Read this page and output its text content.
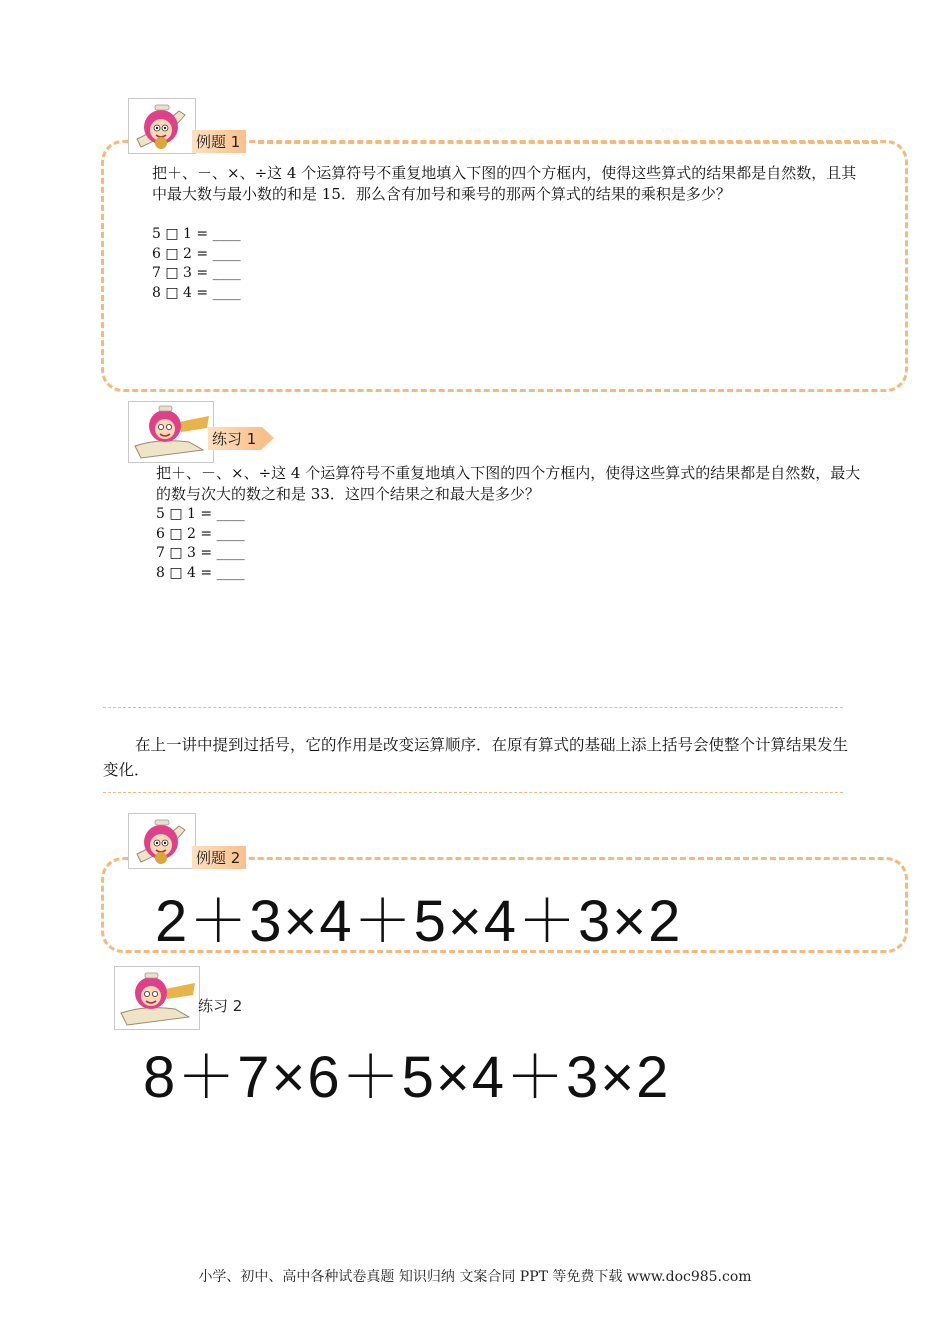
例题 1
把＋、－、×、÷这 4 个运算符号不重复地填入下图的四个方框内，使得这些算式的结果都是自然数，且其中最大数与最小数的和是 15．那么含有加号和乘号的那两个算式的结果的乘积是多少？
5 □ 1 = ____
6 □ 2 = ____
7 □ 3 = ____
8 □ 4 = ____
练习 1
把＋、－、×、÷这 4 个运算符号不重复地填入下图的四个方框内，使得这些算式的结果都是自然数，最大的数与次大的数之和是 33．这四个结果之和最大是多少？
5 □ 1 = ____
6 □ 2 = ____
7 □ 3 = ____
8 □ 4 = ____
在上一讲中提到过括号，它的作用是改变运算顺序．在原有算式的基础上添上括号会使整个计算结果发生变化．
例题 2
2＋3×4＋5×4＋3×2
练习 2
8＋7×6＋5×4＋3×2
小学、初中、高中各种试卷真题 知识归纳 文案合同 PPT 等免费下载 www.doc985.com
